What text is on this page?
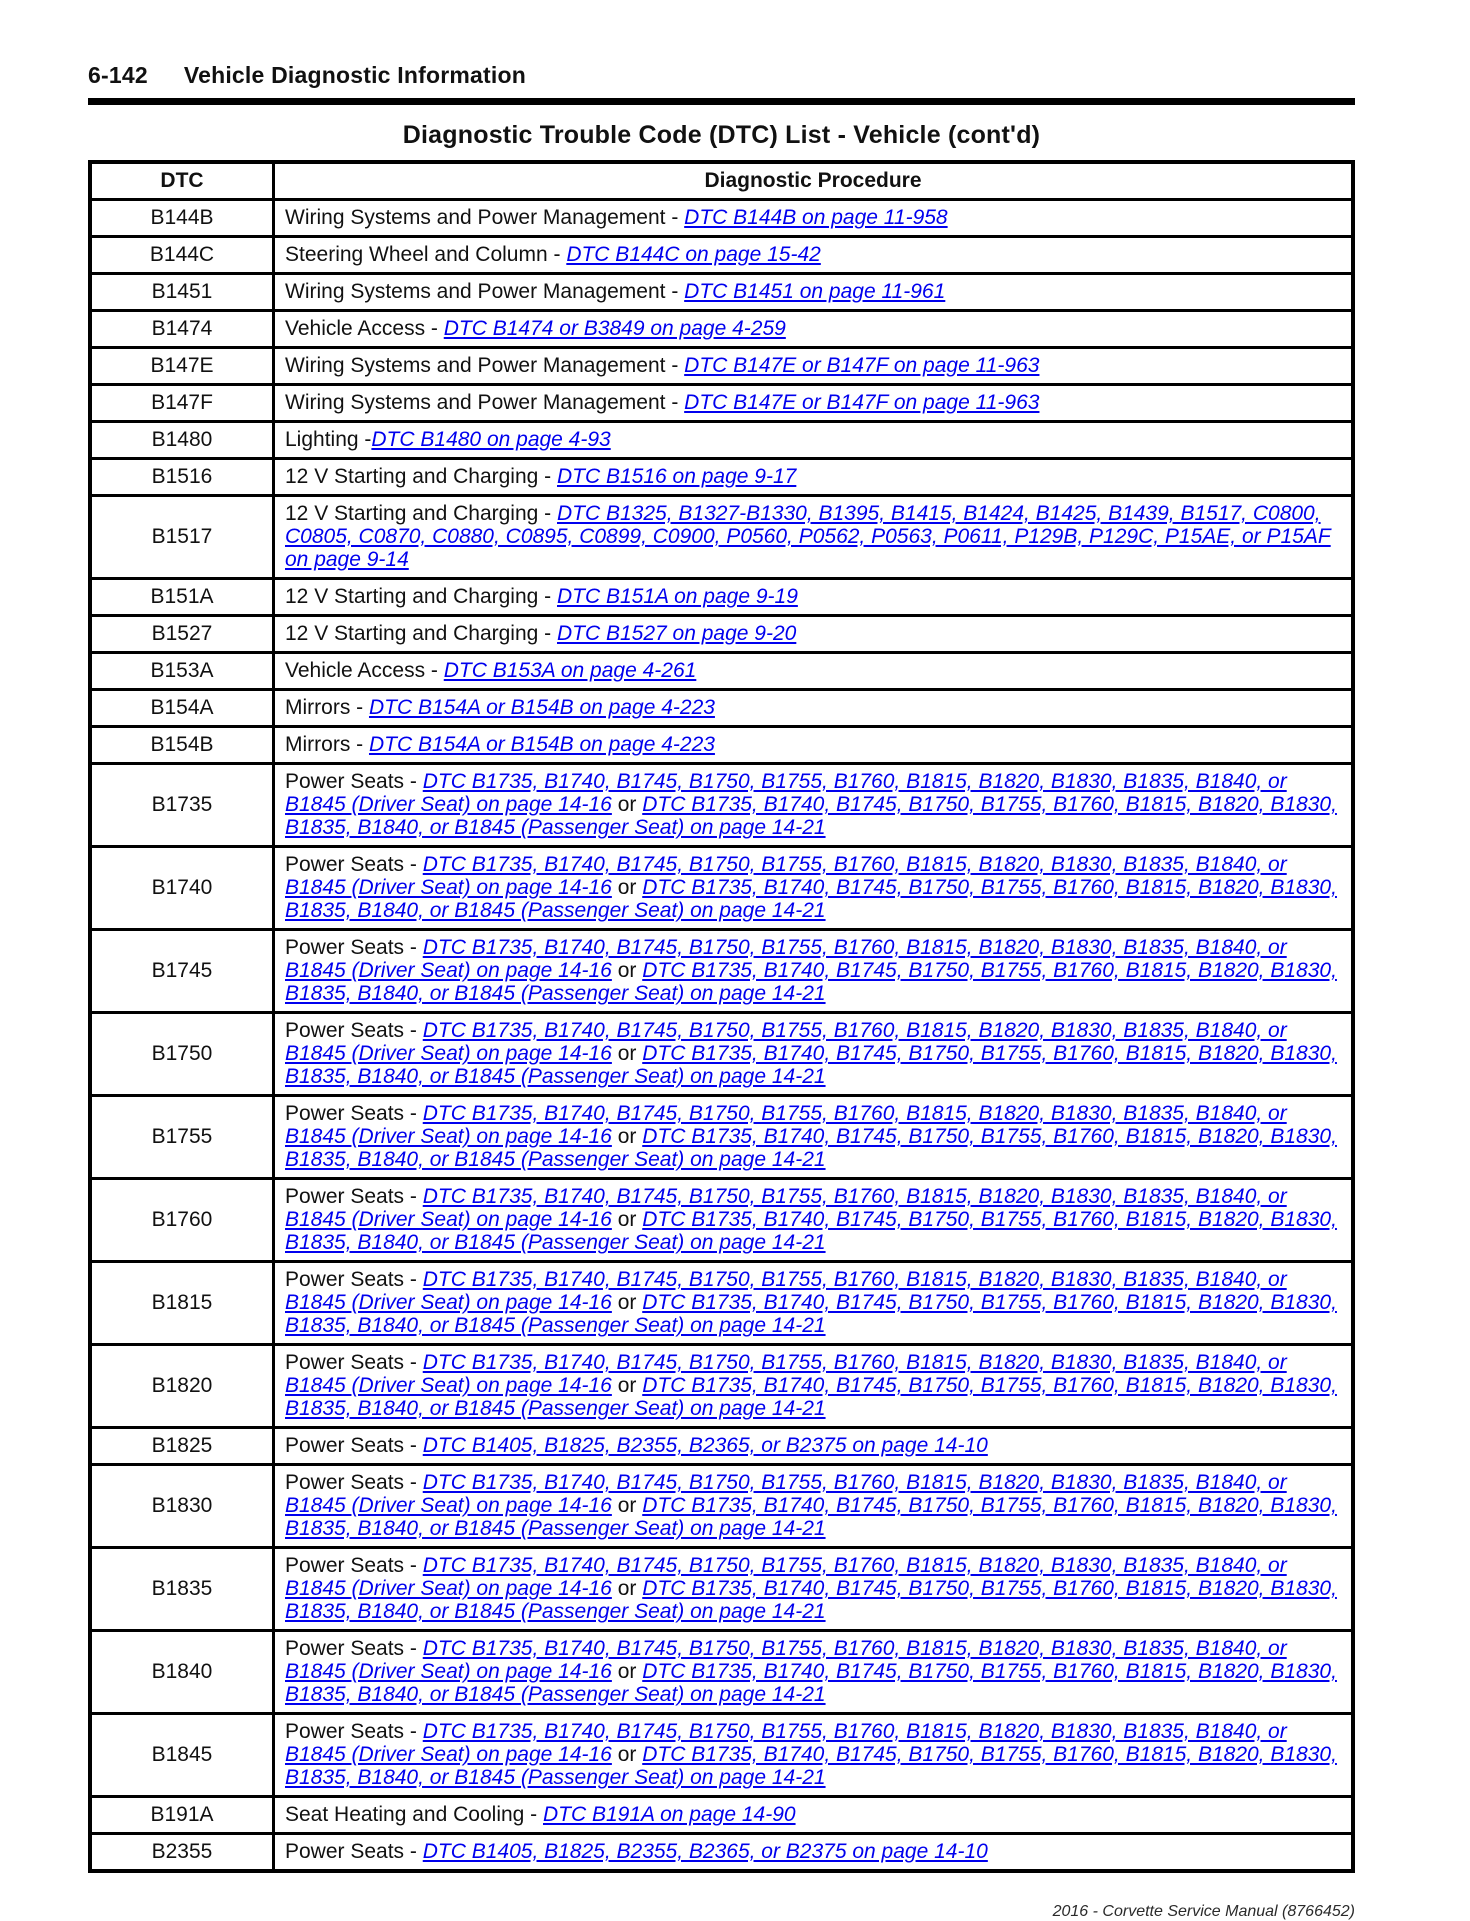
6-142 Vehicle Diagnostic Information
Diagnostic Trouble Code (DTC) List - Vehicle (cont'd)
DTC	Diagnostic Procedure
B144B	Wiring Systems and Power Management - DTC B144B on page 11-958
B144C	Steering Wheel and Column - DTC B144C on page 15-42
B1451	Wiring Systems and Power Management - DTC B1451 on page 11-961
B1474	Vehicle Access - DTC B1474 or B3849 on page 4-259
B147E	Wiring Systems and Power Management - DTC B147E or B147F on page 11-963
B147F	Wiring Systems and Power Management - DTC B147E or B147F on page 11-963
B1480	Lighting -DTC B1480 on page 4-93
B1516	12 V Starting and Charging - DTC B1516 on page 9-17
B1517	12 V Starting and Charging - DTC B1325, B1327-B1330, B1395, B1415, B1424, B1425, B1439, B1517, C0800, C0805, C0870, C0880, C0895, C0899, C0900, P0560, P0562, P0563, P0611, P129B, P129C, P15AE, or P15AF on page 9-14
B151A	12 V Starting and Charging - DTC B151A on page 9-19
B1527	12 V Starting and Charging - DTC B1527 on page 9-20
B153A	Vehicle Access - DTC B153A on page 4-261
B154A	Mirrors - DTC B154A or B154B on page 4-223
B154B	Mirrors - DTC B154A or B154B on page 4-223
B1735	Power Seats - DTC B1735, B1740, B1745, B1750, B1755, B1760, B1815, B1820, B1830, B1835, B1840, or B1845 (Driver Seat) on page 14-16 or DTC B1735, B1740, B1745, B1750, B1755, B1760, B1815, B1820, B1830, B1835, B1840, or B1845 (Passenger Seat) on page 14-21
B1740	Power Seats - DTC B1735, B1740, B1745, B1750, B1755, B1760, B1815, B1820, B1830, B1835, B1840, or B1845 (Driver Seat) on page 14-16 or DTC B1735, B1740, B1745, B1750, B1755, B1760, B1815, B1820, B1830, B1835, B1840, or B1845 (Passenger Seat) on page 14-21
B1745	Power Seats - DTC B1735, B1740, B1745, B1750, B1755, B1760, B1815, B1820, B1830, B1835, B1840, or B1845 (Driver Seat) on page 14-16 or DTC B1735, B1740, B1745, B1750, B1755, B1760, B1815, B1820, B1830, B1835, B1840, or B1845 (Passenger Seat) on page 14-21
B1750	Power Seats - DTC B1735, B1740, B1745, B1750, B1755, B1760, B1815, B1820, B1830, B1835, B1840, or B1845 (Driver Seat) on page 14-16 or DTC B1735, B1740, B1745, B1750, B1755, B1760, B1815, B1820, B1830, B1835, B1840, or B1845 (Passenger Seat) on page 14-21
B1755	Power Seats - DTC B1735, B1740, B1745, B1750, B1755, B1760, B1815, B1820, B1830, B1835, B1840, or B1845 (Driver Seat) on page 14-16 or DTC B1735, B1740, B1745, B1750, B1755, B1760, B1815, B1820, B1830, B1835, B1840, or B1845 (Passenger Seat) on page 14-21
B1760	Power Seats - DTC B1735, B1740, B1745, B1750, B1755, B1760, B1815, B1820, B1830, B1835, B1840, or B1845 (Driver Seat) on page 14-16 or DTC B1735, B1740, B1745, B1750, B1755, B1760, B1815, B1820, B1830, B1835, B1840, or B1845 (Passenger Seat) on page 14-21
B1815	Power Seats - DTC B1735, B1740, B1745, B1750, B1755, B1760, B1815, B1820, B1830, B1835, B1840, or B1845 (Driver Seat) on page 14-16 or DTC B1735, B1740, B1745, B1750, B1755, B1760, B1815, B1820, B1830, B1835, B1840, or B1845 (Passenger Seat) on page 14-21
B1820	Power Seats - DTC B1735, B1740, B1745, B1750, B1755, B1760, B1815, B1820, B1830, B1835, B1840, or B1845 (Driver Seat) on page 14-16 or DTC B1735, B1740, B1745, B1750, B1755, B1760, B1815, B1820, B1830, B1835, B1840, or B1845 (Passenger Seat) on page 14-21
B1825	Power Seats - DTC B1405, B1825, B2355, B2365, or B2375 on page 14-10
B1830	Power Seats - DTC B1735, B1740, B1745, B1750, B1755, B1760, B1815, B1820, B1830, B1835, B1840, or B1845 (Driver Seat) on page 14-16 or DTC B1735, B1740, B1745, B1750, B1755, B1760, B1815, B1820, B1830, B1835, B1840, or B1845 (Passenger Seat) on page 14-21
B1835	Power Seats - DTC B1735, B1740, B1745, B1750, B1755, B1760, B1815, B1820, B1830, B1835, B1840, or B1845 (Driver Seat) on page 14-16 or DTC B1735, B1740, B1745, B1750, B1755, B1760, B1815, B1820, B1830, B1835, B1840, or B1845 (Passenger Seat) on page 14-21
B1840	Power Seats - DTC B1735, B1740, B1745, B1750, B1755, B1760, B1815, B1820, B1830, B1835, B1840, or B1845 (Driver Seat) on page 14-16 or DTC B1735, B1740, B1745, B1750, B1755, B1760, B1815, B1820, B1830, B1835, B1840, or B1845 (Passenger Seat) on page 14-21
B1845	Power Seats - DTC B1735, B1740, B1745, B1750, B1755, B1760, B1815, B1820, B1830, B1835, B1840, or B1845 (Driver Seat) on page 14-16 or DTC B1735, B1740, B1745, B1750, B1755, B1760, B1815, B1820, B1830, B1835, B1840, or B1845 (Passenger Seat) on page 14-21
B191A	Seat Heating and Cooling - DTC B191A on page 14-90
B2355	Power Seats - DTC B1405, B1825, B2355, B2365, or B2375 on page 14-10
2016 - Corvette Service Manual (8766452)
